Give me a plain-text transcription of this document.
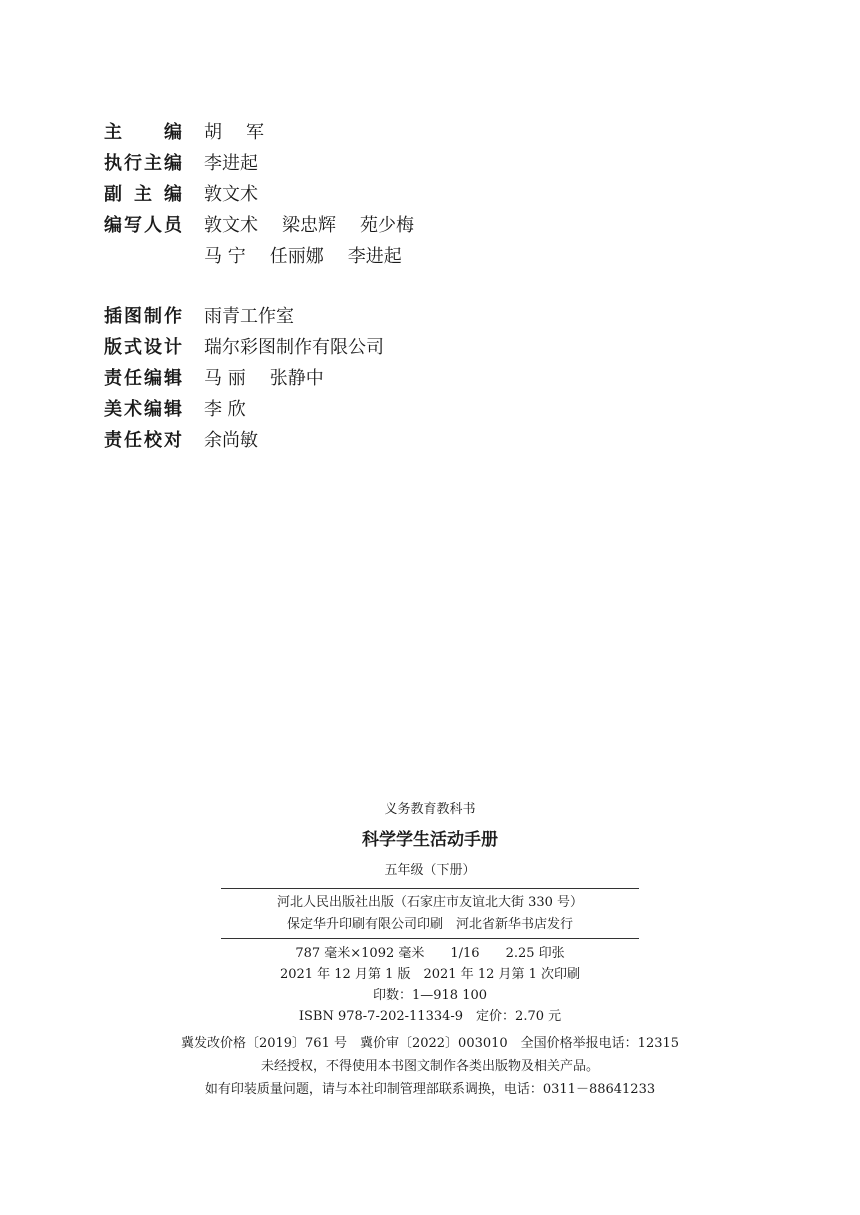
主 编 胡 军
执 行 主 编 李进起
副 主 编 敦文术
编 写 人 员 敦文术 梁忠辉 苑少梅
马 宁 任丽娜 李进起
插 图 制 作 雨青工作室
版 式 设 计 瑞尔彩图制作有限公司
责 任 编 辑 马 丽 张静中
美 术 编 辑 李 欣
责 任 校 对 余尚敏
义务教育教科书
科学学生活动手册
五年级（下册）
河北人民出版社出版（石家庄市友谊北大街 330 号）
保定华升印刷有限公司印刷　河北省新华书店发行
787 毫米×1092 毫米　　1/16　　2.25 印张
2021 年 12 月第 1 版　2021 年 12 月第 1 次印刷
印数：1—918 100
ISBN 978-7-202-11334-9　定价：2.70 元
冀发改价格〔2019〕761 号　冀价审〔2022〕003010　全国价格举报电话：12315
未经授权，不得使用本书图文制作各类出版物及相关产品。
如有印装质量问题，请与本社印制管理部联系调换，电话：0311－88641233
